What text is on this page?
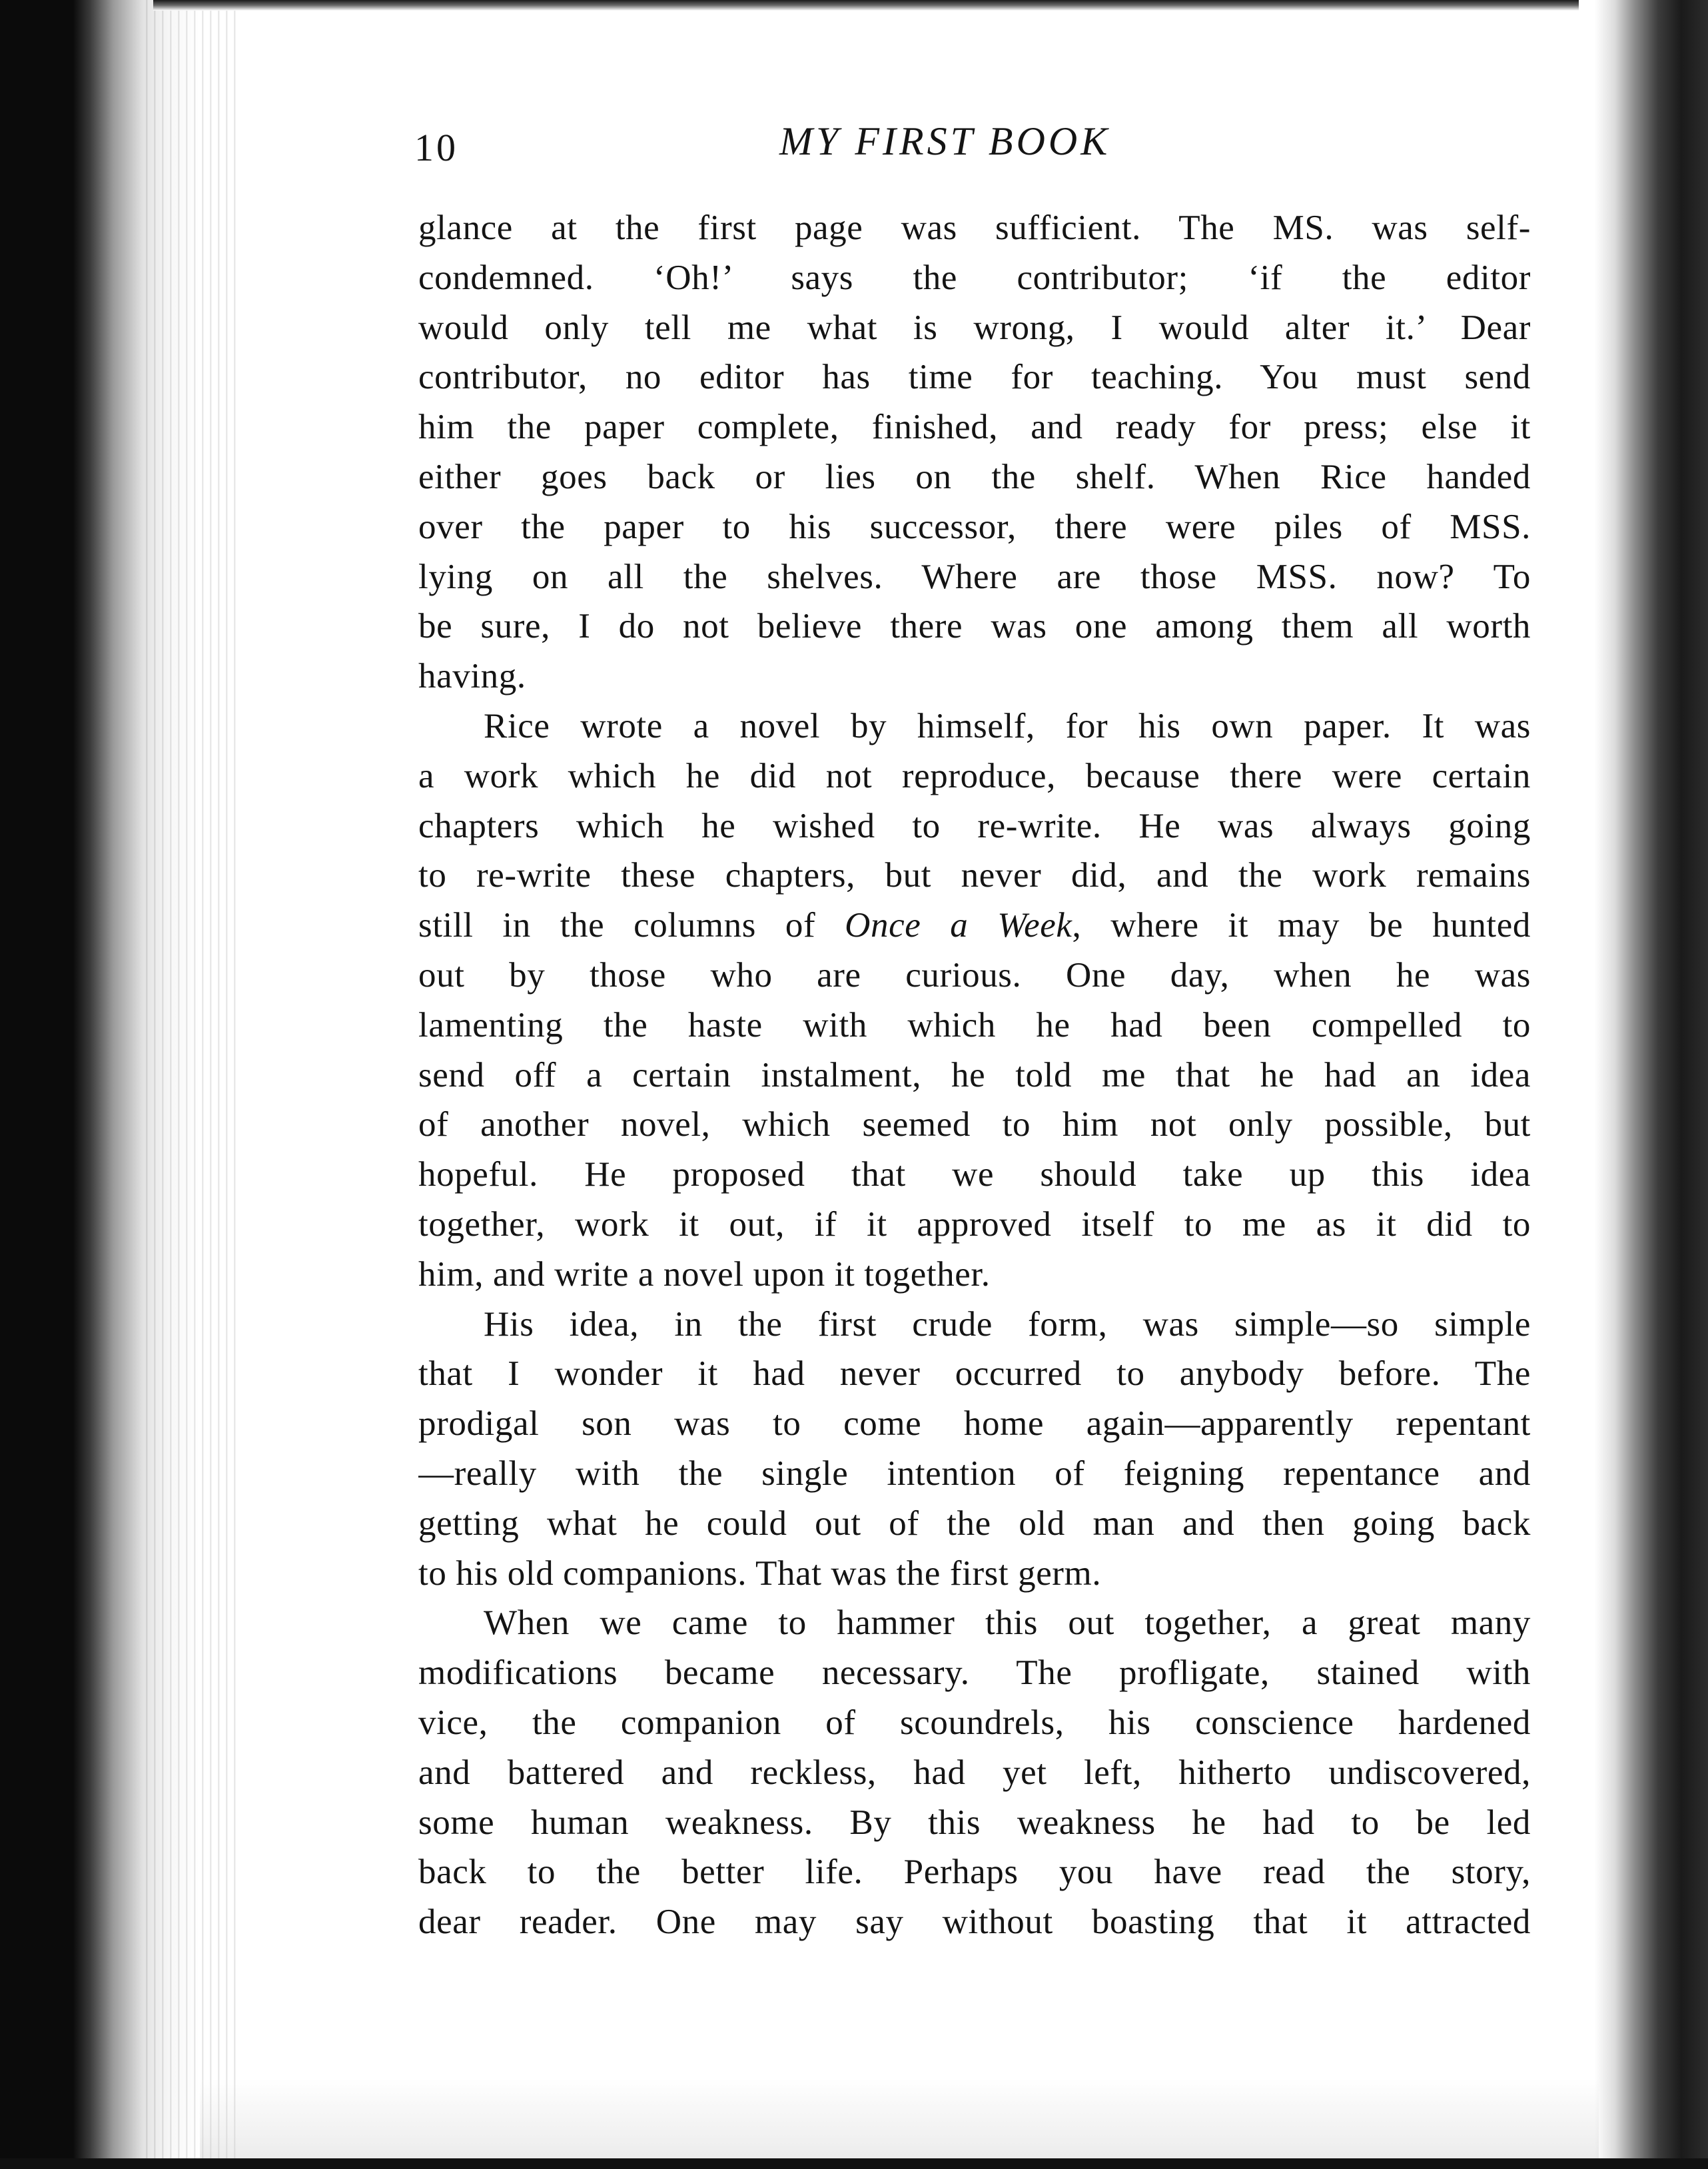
10	MY FIRST BOOK
glance at the first page was sufficient. The MS. was self-
condemned. ‘Oh!’ says the contributor; ‘if the editor
would only tell me what is wrong, I would alter it.’ Dear
contributor, no editor has time for teaching. You must send
him the paper complete, finished, and ready for press; else it
either goes back or lies on the shelf. When Rice handed
over the paper to his successor, there were piles of MSS.
lying on all the shelves. Where are those MSS. now? To
be sure, I do not believe there was one among them all worth
having.
Rice wrote a novel by himself, for his own paper. It was
a work which he did not reproduce, because there were certain
chapters which he wished to re-write. He was always going
to re-write these chapters, but never did, and the work remains
still in the columns of Once a Week, where it may be hunted
out by those who are curious. One day, when he was
lamenting the haste with which he had been compelled to
send off a certain instalment, he told me that he had an idea
of another novel, which seemed to him not only possible, but
hopeful. He proposed that we should take up this idea
together, work it out, if it approved itself to me as it did to
him, and write a novel upon it together.
His idea, in the first crude form, was simple—so simple
that I wonder it had never occurred to anybody before. The
prodigal son was to come home again—apparently repentant
—really with the single intention of feigning repentance and
getting what he could out of the old man and then going back
to his old companions. That was the first germ.
When we came to hammer this out together, a great many
modifications became necessary. The profligate, stained with
vice, the companion of scoundrels, his conscience hardened
and battered and reckless, had yet left, hitherto undiscovered,
some human weakness. By this weakness he had to be led
back to the better life. Perhaps you have read the story,
dear reader. One may say without boasting that it attracted
